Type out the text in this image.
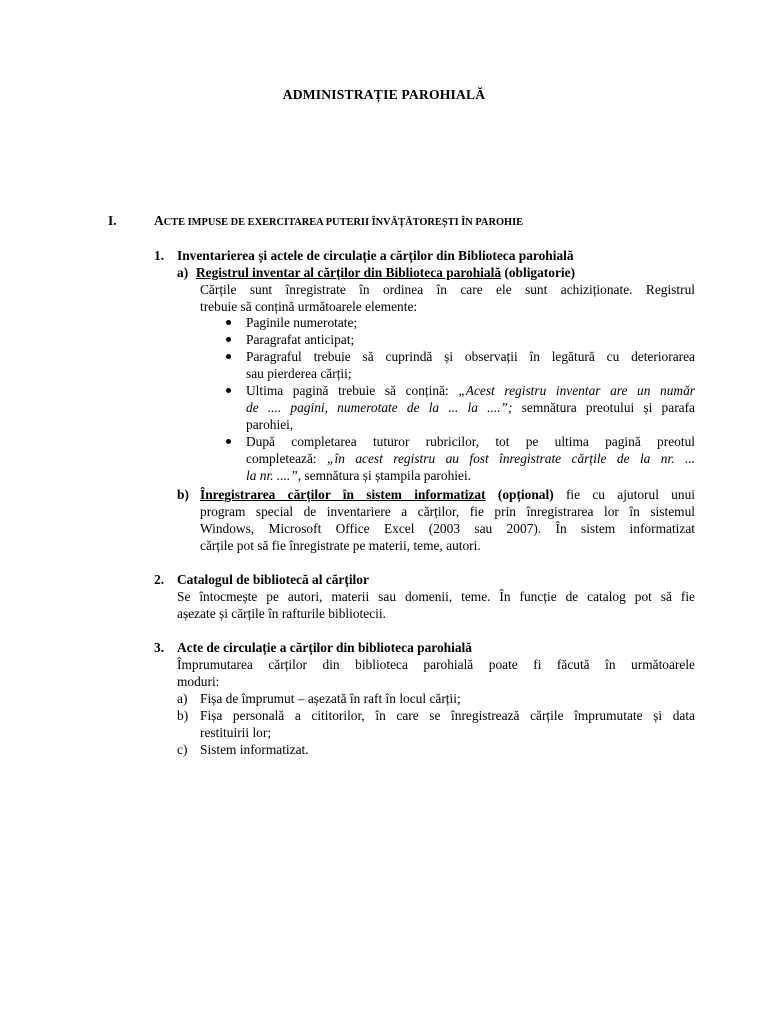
ADMINISTRAȚIE PAROHIALĂ
I.	ACTE IMPUSE DE EXERCITAREA PUTERII ÎNVĂȚĂTOREȘTI ÎN PAROHIE
1. Inventarierea și actele de circulație a cărților din Biblioteca parohială
a) Registrul inventar al cărților din Biblioteca parohială (obligatorie)
Cărțile sunt înregistrate în ordinea în care ele sunt achiziționate. Registrul
trebuie să conțină următoarele elemente:
Paginile numerotate;
Paragrafat anticipat;
Paragraful trebuie să cuprindă și observații în legătură cu deteriorarea
sau pierderea cărții;
Ultima pagină trebuie să conțină: „Acest registru inventar are un număr
de .... pagini, numerotate de la ... la ....”; semnătura preotului și parafa
parohiei,
După completarea tuturor rubricilor, tot pe ultima pagină preotul
completează: „în acest registru au fost înregistrate cărțile de la nr. ...
la nr. ....”, semnătura și ștampila parohiei.
b) Înregistrarea cărților în sistem informatizat (opțional) fie cu ajutorul unui
program special de inventariere a cărților, fie prin înregistrarea lor în sistemul
Windows, Microsoft Office Excel (2003 sau 2007). În sistem informatizat
cărțile pot să fie înregistrate pe materii, teme, autori.
2. Catalogul de bibliotecă al cărților
Se întocmește pe autori, materii sau domenii, teme. În funcție de catalog pot să fie
așezate și cărțile în rafturile bibliotecii.
3. Acte de circulație a cărților din biblioteca parohială
Împrumutarea cărților din biblioteca parohială poate fi făcută în următoarele
moduri:
a) Fișa de împrumut – așezată în raft în locul cărții;
b) Fișa personală a cititorilor, în care se înregistrează cărțile împrumutate și data
restituirii lor;
c) Sistem informatizat.
